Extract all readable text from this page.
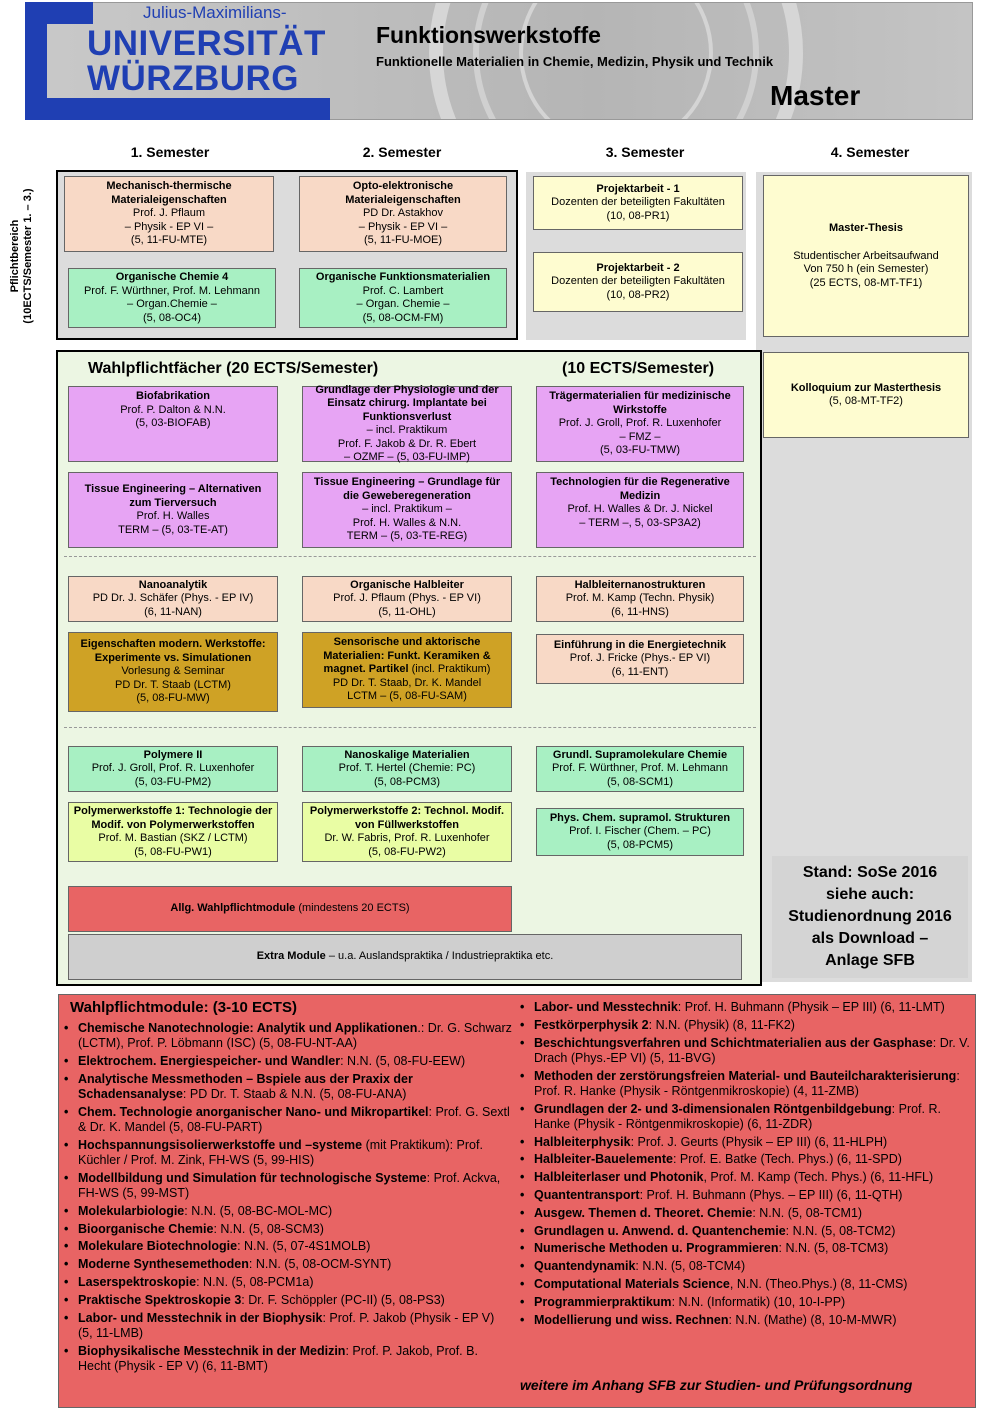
Julius-Maximilians-
UNIVERSITÄT
WÜRZBURG
Funktionswerkstoffe
Funktionelle Materialien in Chemie, Medizin, Physik und Technik
Master
1. Semester	2. Semester	3. Semester	4. Semester
Pflichtbereich (10ECTS/Semester 1. – 3.)
Mechanisch-thermische Materialeigenschaften
Prof. J. Pflaum
– Physik - EP VI –
(5, 11-FU-MTE)
Organische Chemie 4
Prof. F. Würthner, Prof. M. Lehmann
– Organ.Chemie –
(5, 08-OC4)
Opto-elektronische Materialeigenschaften
PD Dr. Astakhov
– Physik - EP VI –
(5, 11-FU-MOE)
Organische Funktionsmaterialien
Prof. C. Lambert
– Organ. Chemie –
(5, 08-OCM-FM)
Projektarbeit - 1
Dozenten der beteiligten Fakultäten
(10, 08-PR1)
Projektarbeit - 2
Dozenten der beteiligten Fakultäten
(10, 08-PR2)
Master-Thesis
Studentischer Arbeitsaufwand
Von 750 h (ein Semester)
(25 ECTS, 08-MT-TF1)
Kolloquium zur Masterthesis
(5, 08-MT-TF2)
Wahlpflichtfächer (20 ECTS/Semester)	(10 ECTS/Semester)
Biofabrikation
Prof. P. Dalton & N.N.
(5, 03-BIOFAB)
Grundlage der Physiologie und der Einsatz chirurg. Implantate bei Funktionsverlust
– incl. Praktikum
Prof. F. Jakob & Dr. R. Ebert
– OZMF – (5, 03-FU-IMP)
Trägermaterialien für medizinische Wirkstoffe
Prof. J. Groll, Prof. R. Luxenhofer
– FMZ –
(5, 03-FU-TMW)
Tissue Engineering – Alternativen zum Tierversuch
Prof. H. Walles
TERM – (5, 03-TE-AT)
Tissue Engineering – Grundlage für die Geweberegeneration
– incl. Praktikum –
Prof. H. Walles & N.N.
TERM – (5, 03-TE-REG)
Technologien für die Regenerative Medizin
Prof. H. Walles & Dr. J. Nickel
– TERM –, 5, 03-SP3A2)
Nanoanalytik
PD Dr. J. Schäfer (Phys. - EP IV)
(6, 11-NAN)
Organische Halbleiter
Prof. J. Pflaum (Phys. - EP VI)
(5, 11-OHL)
Halbleiternanostrukturen
Prof. M. Kamp (Techn. Physik)
(6, 11-HNS)
Eigenschaften modern. Werkstoffe: Experimente vs. Simulationen
Vorlesung & Seminar
PD Dr. T. Staab (LCTM)
(5, 08-FU-MW)
Sensorische und aktorische Materialien: Funkt. Keramiken & magnet. Partikel (incl. Praktikum)
PD Dr. T. Staab, Dr. K. Mandel
LCTM – (5, 08-FU-SAM)
Einführung in die Energietechnik
Prof. J. Fricke (Phys.- EP VI)
(6, 11-ENT)
Polymere II
Prof. J. Groll, Prof. R. Luxenhofer
(5, 03-FU-PM2)
Nanoskalige Materialien
Prof. T. Hertel (Chemie: PC)
(5, 08-PCM3)
Grundl. Supramolekulare Chemie
Prof. F. Würthner, Prof. M. Lehmann
(5, 08-SCM1)
Polymerwerkstoffe 1: Technologie der Modif. von Polymerwerkstoffen
Prof. M. Bastian (SKZ / LCTM)
(5, 08-FU-PW1)
Polymerwerkstoffe 2: Technol. Modif. von Füllwerkstoffen
Dr. W. Fabris, Prof. R. Luxenhofer
(5, 08-FU-PW2)
Phys. Chem. supramol. Strukturen
Prof. I. Fischer (Chem. – PC)
(5, 08-PCM5)
Allg. Wahlpflichtmodule (mindestens 20 ECTS)
Extra Module – u.a. Auslandspraktika / Industriepraktika etc.
Stand: SoSe 2016
siehe auch:
Studienordnung 2016
als Download –
Anlage SFB
Wahlpflichtmodule: (3-10 ECTS)
• Chemische Nanotechnologie: Analytik und Applikationen.: Dr. G. Schwarz (LCTM), Prof. P. Löbmann (ISC) (5, 08-FU-NT-AA)
• Elektrochem. Energiespeicher- und Wandler: N.N. (5, 08-FU-EEW)
• Analytische Messmethoden – Bspiele aus der Praxix der Schadensanalyse: PD Dr. T. Staab & N.N. (5, 08-FU-ANA)
• Chem. Technologie anorganischer Nano- und Mikropartikel: Prof. G. Sextl & Dr. K. Mandel (5, 08-FU-PART)
• Hochspannungsisolierwerkstoffe und –systeme (mit Praktikum): Prof. Küchler / Prof. M. Zink, FH-WS (5, 99-HIS)
• Modellbildung und Simulation für technologische Systeme: Prof. Ackva, FH-WS (5, 99-MST)
• Molekularbiologie: N.N. (5, 08-BC-MOL-MC)
• Bioorganische Chemie: N.N. (5, 08-SCM3)
• Molekulare Biotechnologie: N.N. (5, 07-4S1MOLB)
• Moderne Synthesemethoden: N.N. (5, 08-OCM-SYNT)
• Laserspektroskopie: N.N. (5, 08-PCM1a)
• Praktische Spektroskopie 3: Dr. F. Schöppler (PC-II) (5, 08-PS3)
• Labor- und Messtechnik in der Biophysik: Prof. P. Jakob (Physik - EP V) (5, 11-LMB)
• Biophysikalische Messtechnik in der Medizin: Prof. P. Jakob, Prof. B. Hecht (Physik - EP V) (6, 11-BMT)
• Labor- und Messtechnik: Prof. H. Buhmann (Physik – EP III) (6, 11-LMT)
• Festkörperphysik 2: N.N. (Physik) (8, 11-FK2)
• Beschichtungsverfahren und Schichtmaterialien aus der Gasphase: Dr. V. Drach (Phys.-EP VI) (5, 11-BVG)
• Methoden der zerstörungsfreien Material- und Bauteilcharakterisierung: Prof. R. Hanke (Physik - Röntgenmikroskopie) (4, 11-ZMB)
• Grundlagen der 2- und 3-dimensionalen Röntgenbildgebung: Prof. R. Hanke (Physik - Röntgenmikroskopie) (6, 11-ZDR)
• Halbleiterphysik: Prof. J. Geurts (Physik – EP III) (6, 11-HLPH)
• Halbleiter-Bauelemente: Prof. E. Batke (Tech. Phys.) (6, 11-SPD)
• Halbleiterlaser und Photonik, Prof. M. Kamp (Tech. Phys.) (6, 11-HFL)
• Quantentransport: Prof. H. Buhmann (Phys. – EP III) (6, 11-QTH)
• Ausgew. Themen d. Theoret. Chemie: N.N. (5, 08-TCM1)
• Grundlagen u. Anwend. d. Quantenchemie: N.N. (5, 08-TCM2)
• Numerische Methoden u. Programmieren: N.N. (5, 08-TCM3)
• Quantendynamik: N.N. (5, 08-TCM4)
• Computational Materials Science, N.N. (Theo.Phys.) (8, 11-CMS)
• Programmierpraktikum: N.N. (Informatik) (10, 10-I-PP)
• Modellierung und wiss. Rechnen: N.N. (Mathe) (8, 10-M-MWR)
weitere im Anhang SFB zur Studien- und Prüfungsordnung
